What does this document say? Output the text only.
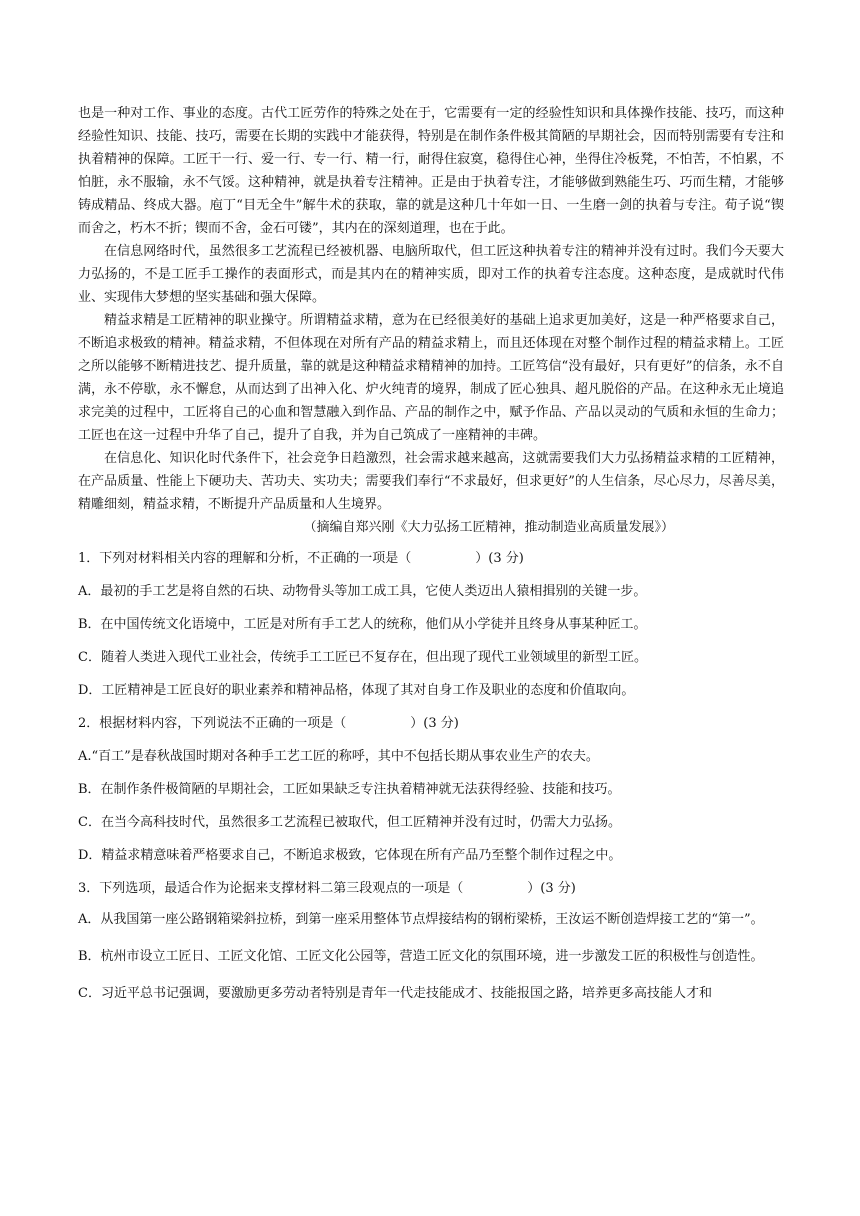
也是一种对工作、事业的态度。古代工匠劳作的特殊之处在于，它需要有一定的经验性知识和具体操作技能、技巧，而这种经验性知识、技能、技巧，需要在长期的实践中才能获得，特别是在制作条件极其简陋的早期社会，因而特别需要有专注和执着精神的保障。工匠干一行、爱一行、专一行、精一行，耐得住寂寞，稳得住心神，坐得住冷板凳，不怕苦，不怕累，不怕脏，永不服输，永不气馁。这种精神，就是执着专注精神。正是由于执着专注，才能够做到熟能生巧、巧而生精，才能够铸成精品、终成大器。庖丁“目无全牛”解牛术的获取，靠的就是这种几十年如一日、一生磨一剑的执着与专注。荀子说“锲而舍之，朽木不折；锲而不舍，金石可镂”，其内在的深刻道理，也在于此。

在信息网络时代，虽然很多工艺流程已经被机器、电脑所取代，但工匠这种执着专注的精神并没有过时。我们今天要大力弘扬的，不是工匠手工操作的表面形式，而是其内在的精神实质，即对工作的执着专注态度。这种态度，是成就时代伟业、实现伟大梦想的坚实基础和强大保障。

精益求精是工匠精神的职业操守。所谓精益求精，意为在已经很美好的基础上追求更加美好，这是一种严格要求自己，不断追求极致的精神。精益求精，不但体现在对所有产品的精益求精上，而且还体现在对整个制作过程的精益求精上。工匠之所以能够不断精进技艺、提升质量，靠的就是这种精益求精精神的加持。工匠笃信“没有最好，只有更好”的信条，永不自满，永不停歇，永不懈怠，从而达到了出神入化、炉火纯青的境界，制成了匠心独具、超凡脱俗的产品。在这种永无止境追求完美的过程中，工匠将自己的心血和智慧融入到作品、产品的制作之中，赋予作品、产品以灵动的气质和永恒的生命力；工匠也在这一过程中升华了自己，提升了自我，并为自己筑成了一座精神的丰碑。

在信息化、知识化时代条件下，社会竞争日趋激烈，社会需求越来越高，这就需要我们大力弘扬精益求精的工匠精神，在产品质量、性能上下硬功夫、苦功夫、实功夫；需要我们奉行“不求最好，但求更好”的人生信条，尽心尽力，尽善尽美，精雕细刻，精益求精，不断提升产品质量和人生境界。

（摘编自郑兴刚《大力弘扬工匠精神，推动制造业高质量发展》）

1．下列对材料相关内容的理解和分析，不正确的一项是（	）(3 分)
A．最初的手工艺是将自然的石块、动物骨头等加工成工具，它使人类迈出人猿相揖别的关键一步。
B．在中国传统文化语境中，工匠是对所有手工艺人的统称，他们从小学徒并且终身从事某种匠工。
C．随着人类进入现代工业社会，传统手工工匠已不复存在，但出现了现代工业领域里的新型工匠。
D．工匠精神是工匠良好的职业素养和精神品格，体现了其对自身工作及职业的态度和价值取向。
2．根据材料内容，下列说法不正确的一项是（	）(3 分)
A.“百工”是春秋战国时期对各种手工艺工匠的称呼，其中不包括长期从事农业生产的农夫。
B．在制作条件极简陋的早期社会，工匠如果缺乏专注执着精神就无法获得经验、技能和技巧。
C．在当今高科技时代，虽然很多工艺流程已被取代，但工匠精神并没有过时，仍需大力弘扬。
D．精益求精意味着严格要求自己，不断追求极致，它体现在所有产品乃至整个制作过程之中。
3．下列选项，最适合作为论据来支撑材料二第三段观点的一项是（	）(3 分)
A．从我国第一座公路钢箱梁斜拉桥，到第一座采用整体节点焊接结构的钢桁梁桥，王汝运不断创造焊接工艺的“第一”。
B．杭州市设立工匠日、工匠文化馆、工匠文化公园等，营造工匠文化的氛围环境，进一步激发工匠的积极性与创造性。
C．习近平总书记强调，要激励更多劳动者特别是青年一代走技能成才、技能报国之路，培养更多高技能人才和
